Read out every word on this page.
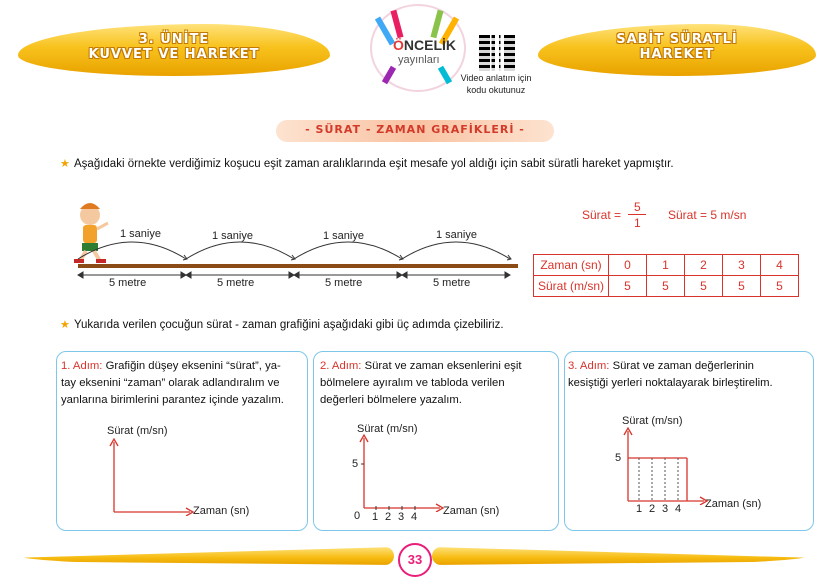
3. ÜNİTE
KUVVET VE HAREKET
SABİT SÜRATLİ
HAREKET
ÖNCELİK
yayınları
Video anlatım için
kodu okutunuz
- SÜRAT - ZAMAN GRAFİKLERİ -
★ Aşağıdaki örnekte verdiğimiz koşucu eşit zaman aralıklarında eşit mesafe yol aldığı için sabit süratli hareket yapmıştır.
1 saniye	1 saniye	1 saniye	1 saniye
5 metre	5 metre	5 metre	5 metre
Sürat =
5
1
Sürat = 5 m/sn
Zaman (sn)	0	1	2	3	4
Sürat (m/sn)	5	5	5	5	5
★ Yukarıda verilen çocuğun sürat - zaman grafiğini aşağıdaki gibi üç adımda çizebiliriz.
1. Adım: Grafiğin düşey eksenini “sürat”, ya-
tay eksenini “zaman” olarak adlandıralım ve
yanlarına birimlerini parantez içinde yazalım.
Sürat (m/sn)
Zaman (sn)
2. Adım: Sürat ve zaman eksenlerini eşit
bölmelere ayıralım ve tabloda verilen
değerleri bölmelere yazalım.
Sürat (m/sn)
5
0 1 2 3 4 Zaman (sn)
3. Adım: Sürat ve zaman değerlerinin
kesiştiği yerleri noktalayarak birleştirelim.
Sürat (m/sn)
5
1 2 3 4 Zaman (sn)
33
